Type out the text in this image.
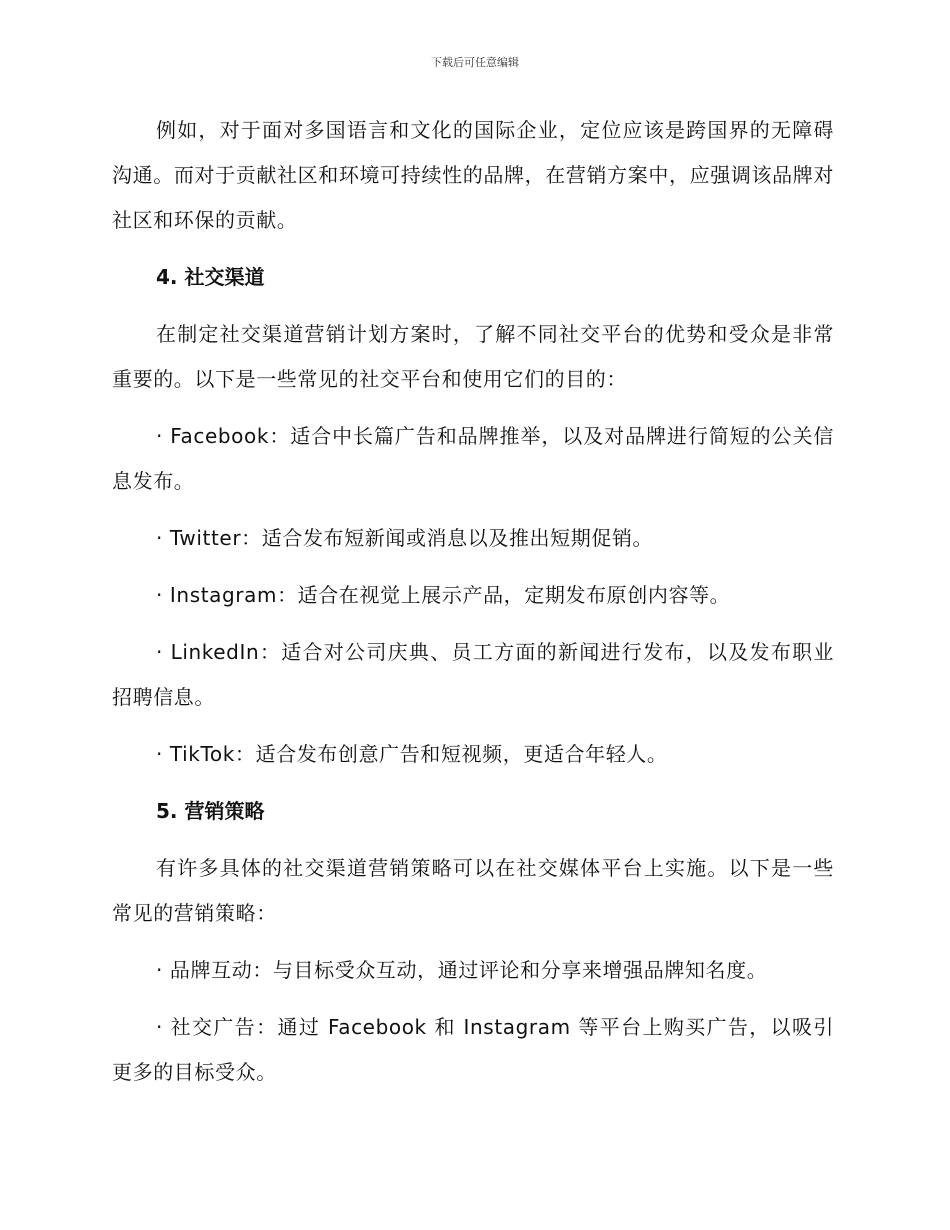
下载后可任意编辑

例如，对于面对多国语言和文化的国际企业，定位应该是跨国界的无障碍沟通。而对于贡献社区和环境可持续性的品牌，在营销方案中，应强调该品牌对社区和环保的贡献。

4. 社交渠道

在制定社交渠道营销计划方案时，了解不同社交平台的优势和受众是非常重要的。以下是一些常见的社交平台和使用它们的目的：

· Facebook：适合中长篇广告和品牌推举，以及对品牌进行简短的公关信息发布。

· Twitter：适合发布短新闻或消息以及推出短期促销。

· Instagram：适合在视觉上展示产品，定期发布原创内容等。

· LinkedIn：适合对公司庆典、员工方面的新闻进行发布，以及发布职业招聘信息。

· TikTok：适合发布创意广告和短视频，更适合年轻人。

5. 营销策略

有许多具体的社交渠道营销策略可以在社交媒体平台上实施。以下是一些常见的营销策略：

· 品牌互动：与目标受众互动，通过评论和分享来增强品牌知名度。

· 社交广告：通过 Facebook 和 Instagram 等平台上购买广告，以吸引更多的目标受众。
